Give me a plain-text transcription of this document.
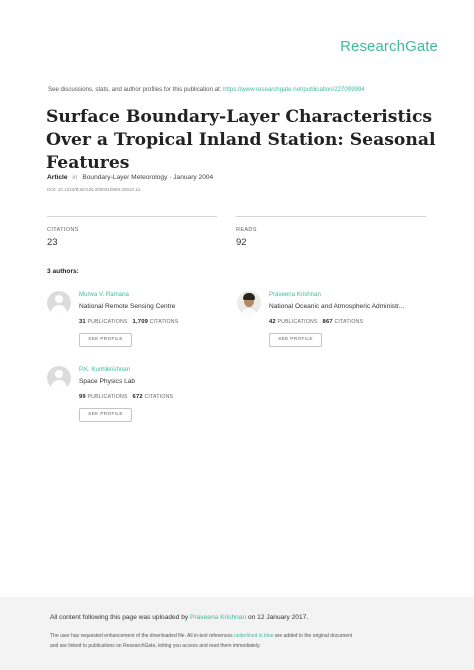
ResearchGate
See discussions, stats, and author profiles for this publication at: https://www.researchgate.net/publication/227099994
Surface Boundary-Layer Characteristics Over a Tropical Inland Station: Seasonal Features
Article in Boundary-Layer Meteorology · January 2004
DOI: 10.1023/B:BOUN.0000010989.25912.1a
CITATIONS
23
READS
92
3 authors:
Murwa V. Ramana
National Remote Sensing Centre
31 PUBLICATIONS 1,709 CITATIONS
SEE PROFILE
Praveena Krishnan
National Oceanic and Atmospheric Administr...
42 PUBLICATIONS 867 CITATIONS
SEE PROFILE
P.K. Kunhikrishnan
Space Physics Lab
99 PUBLICATIONS 672 CITATIONS
SEE PROFILE
All content following this page was uploaded by Praveena Krishnan on 12 January 2017.
The user has requested enhancement of the downloaded file. All in-text references underlined in blue are added to the original document
and are linked to publications on ResearchGate, letting you access and read them immediately.
